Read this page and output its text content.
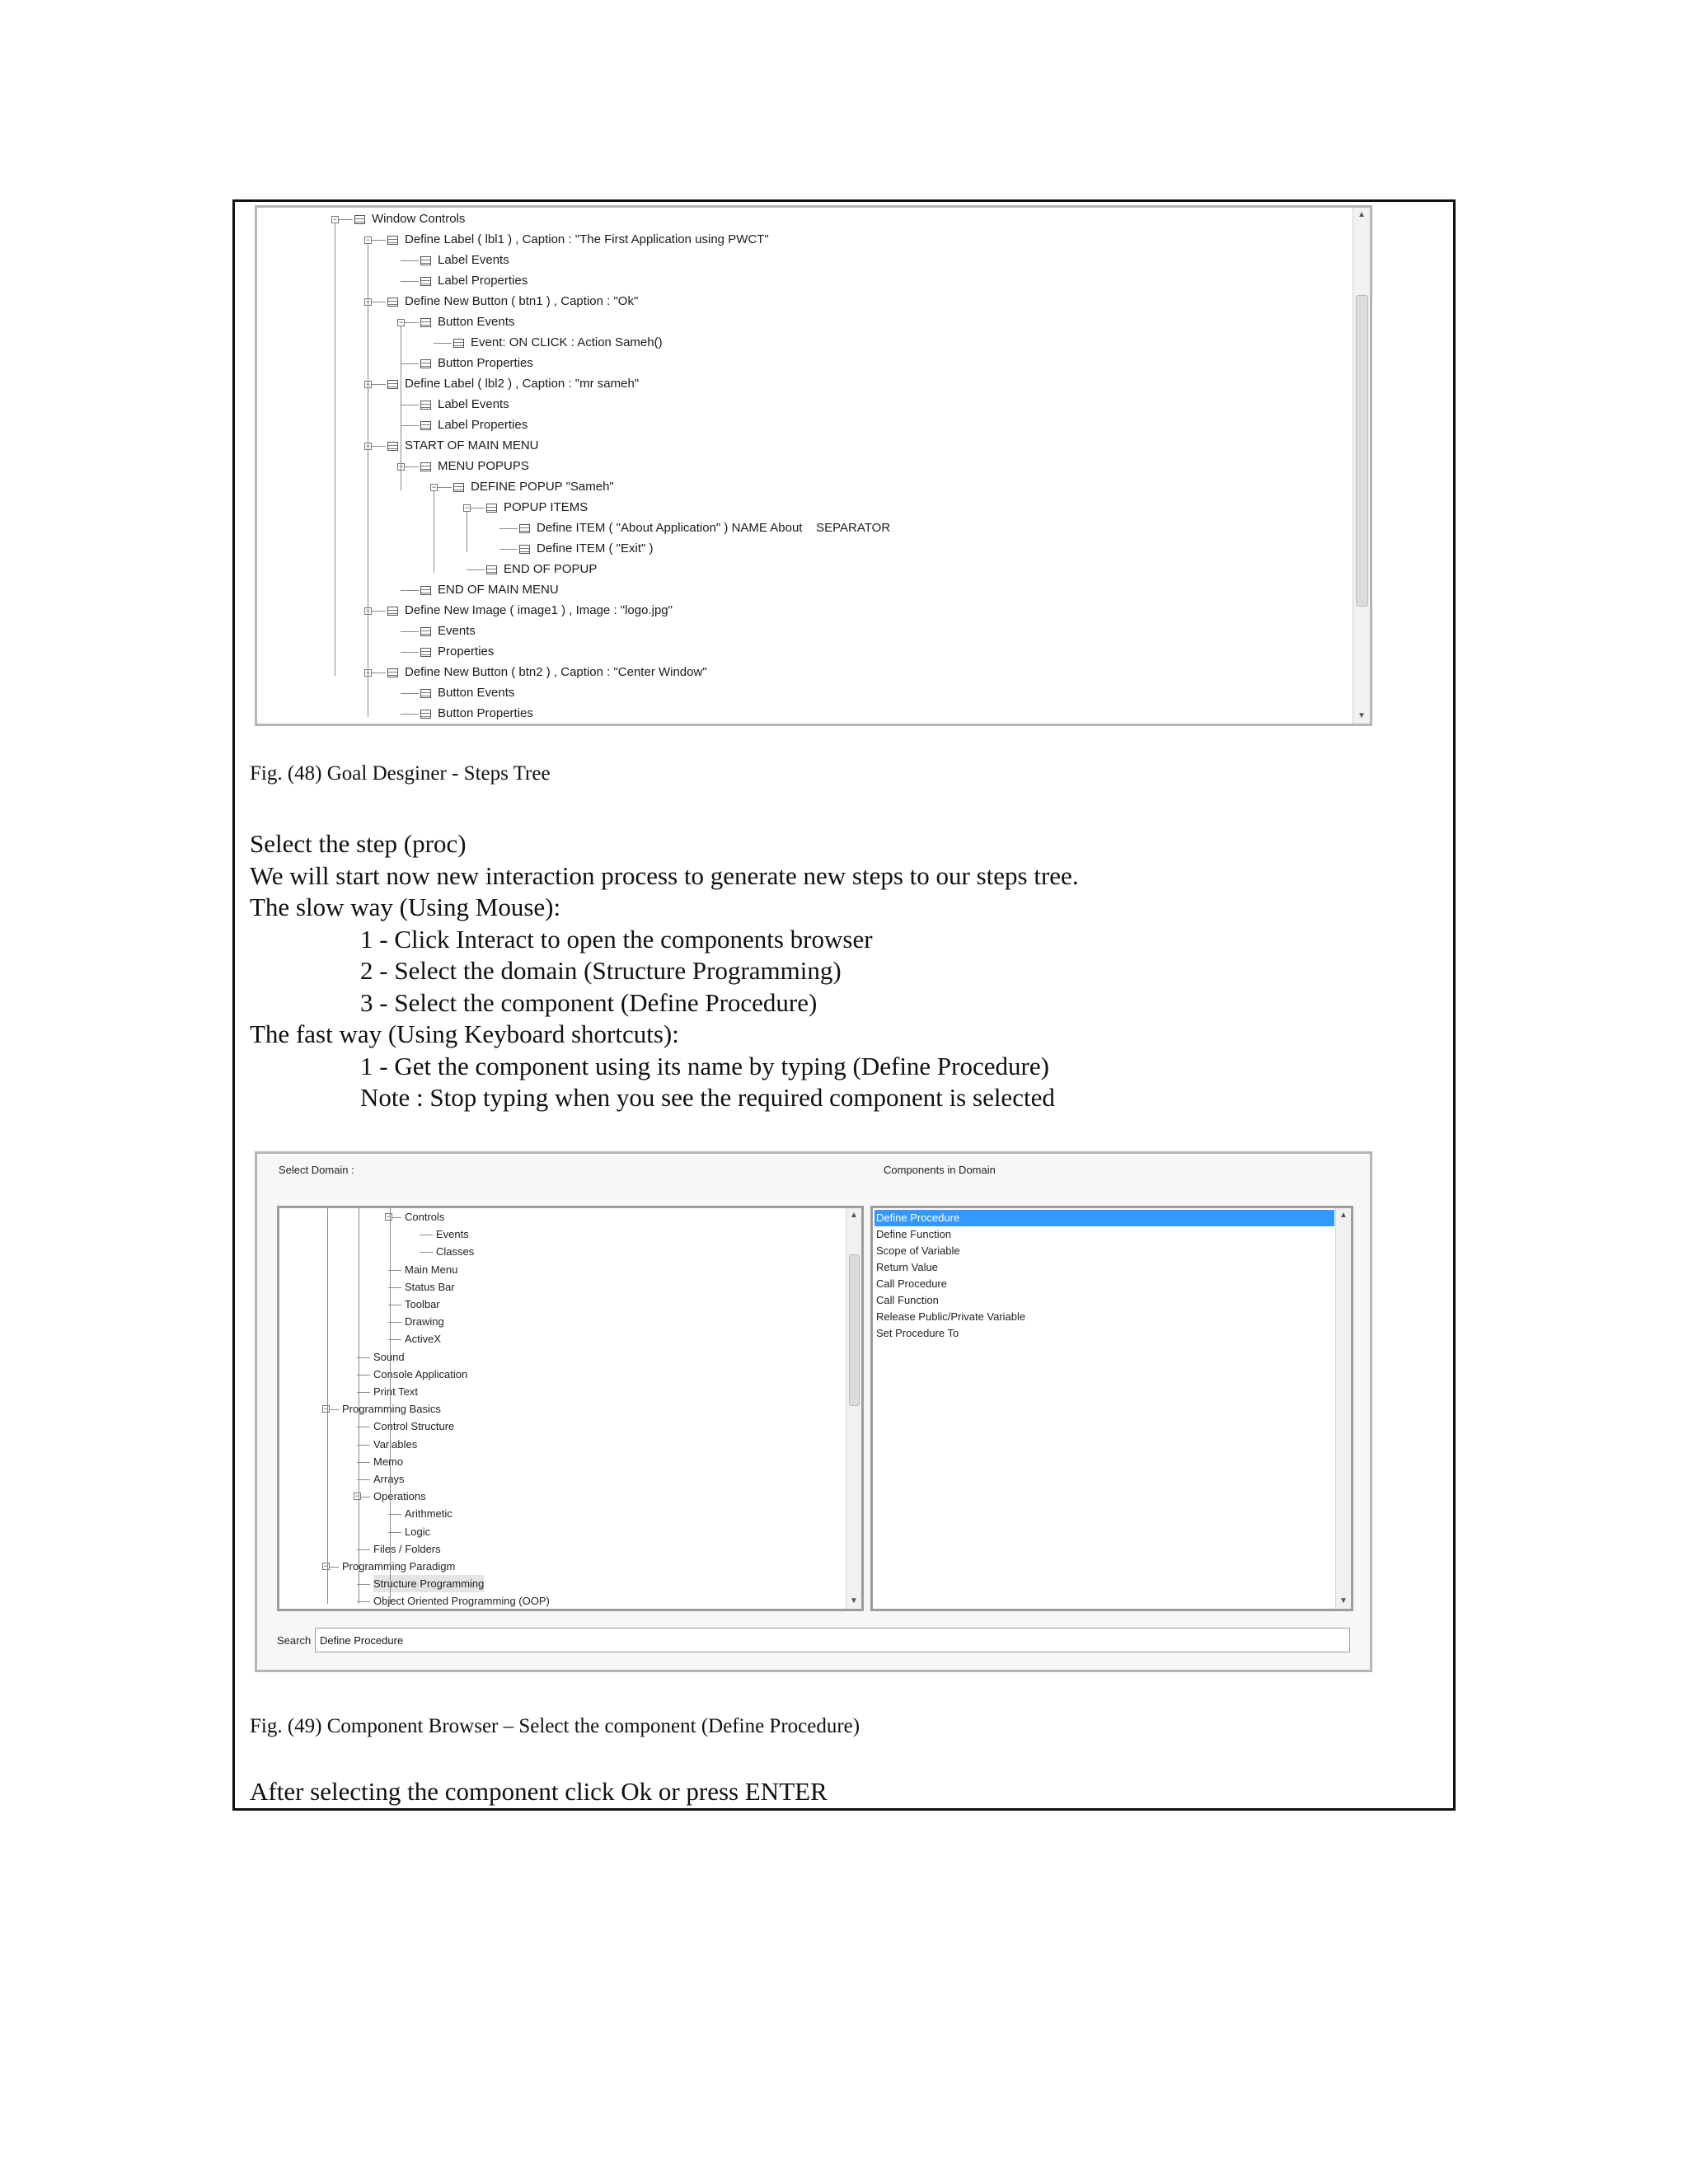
Window Controls
−
Define Label ( lbl1 ) , Caption : "The First Application using PWCT"
−
Label Events
Label Properties
Define New Button ( btn1 ) , Caption : "Ok"
−
Button Events
−
Event: ON CLICK : Action Sameh()
Button Properties
Define Label ( lbl2 ) , Caption : "mr sameh"
−
Label Events
Label Properties
START OF MAIN MENU
−
MENU POPUPS
−
DEFINE POPUP "Sameh"
−
POPUP ITEMS
−
Define ITEM ( "About Application" ) NAME About    SEPARATOR
Define ITEM ( "Exit" )
END OF POPUP
END OF MAIN MENU
Define New Image ( image1 ) , Image : "logo.jpg"
−
Events
Properties
Define New Button ( btn2 ) , Caption : "Center Window"
−
Button Events
Button Properties
▲
▼
Fig. (48) Goal Desginer - Steps Tree
Select the step (proc)
We will start now new interaction process to generate new steps to our steps tree.
The slow way (Using Mouse):
1 - Click Interact to open the components browser
2 - Select the domain (Structure Programming)
3 - Select the component (Define Procedure)
The fast way (Using Keyboard shortcuts):
1 - Get the component using its name by typing (Define Procedure)
Note : Stop typing when you see the required component is selected
Select Domain :	Components in Domain
Controls
−
Events
Classes
Main Menu
Status Bar
Toolbar
Drawing
ActiveX
Sound
Console Application
Print Text
Programming Basics
−
Control Structure
Variables
Memo
Arrays
Operations
−
Arithmetic
Logic
Files / Folders
Programming Paradigm
−
Structure Programming
Object Oriented Programming (OOP)
▲
▼
Define Procedure
Define Function
Scope of Variable
Return Value
Call Procedure
Call Function
Release Public/Private Variable
Set Procedure To
▲
▼
Search Define Procedure
Fig. (49) Component Browser – Select the component (Define Procedure)
After selecting the component click Ok or press ENTER
